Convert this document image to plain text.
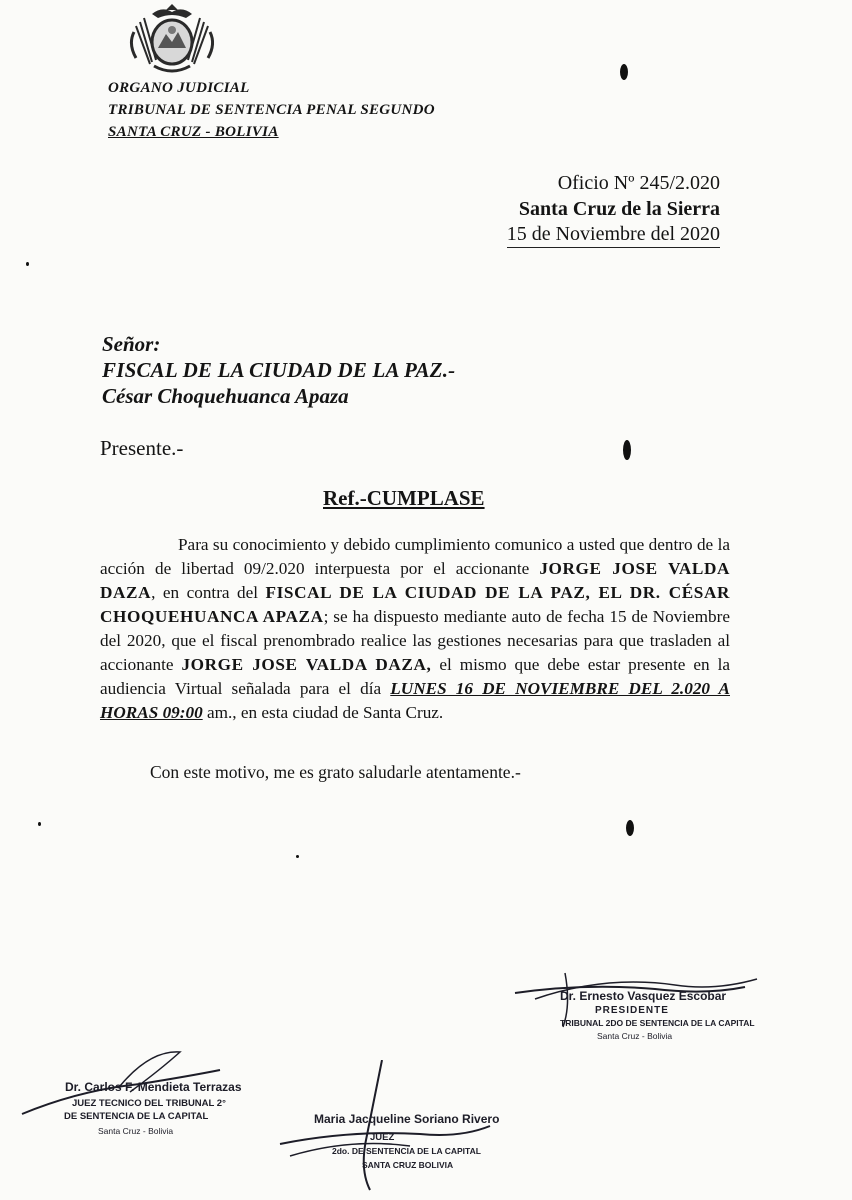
ORGANO JUDICIAL
TRIBUNAL DE SENTENCIA PENAL SEGUNDO
SANTA CRUZ - BOLIVIA
Oficio Nº 245/2.020
Santa Cruz de la Sierra
15 de Noviembre del 2020
Señor:
FISCAL DE LA CIUDAD DE LA PAZ.-
César Choquehuanca Apaza
Presente.-
Ref.-CUMPLASE
Para su conocimiento y debido cumplimiento comunico a usted que dentro de la acción de libertad 09/2.020 interpuesta por el accionante JORGE JOSE VALDA DAZA, en contra del FISCAL DE LA CIUDAD DE LA PAZ, EL DR. CÉSAR CHOQUEHUANCA APAZA; se ha dispuesto mediante auto de fecha 15 de Noviembre del 2020, que el fiscal prenombrado realice las gestiones necesarias para que trasladen al accionante JORGE JOSE VALDA DAZA, el mismo que debe estar presente en la audiencia Virtual señalada para el día LUNES 16 DE NOVIEMBRE DEL 2.020 A HORAS 09:00 am., en esta ciudad de Santa Cruz.
Con este motivo, me es grato saludarle atentamente.-
Dr. Ernesto Vasquez Escobar
PRESIDENTE
TRIBUNAL 2DO DE SENTENCIA DE LA CAPITAL
Santa Cruz - Bolivia
Dr. Carlos F. Mendieta Terrazas
JUEZ TECNICO DEL TRIBUNAL 2°
DE SENTENCIA DE LA CAPITAL
Santa Cruz - Bolivia
Maria Jacqueline Soriano Rivero
JUEZ
2do. DE SENTENCIA DE LA CAPITAL
SANTA CRUZ BOLIVIA
